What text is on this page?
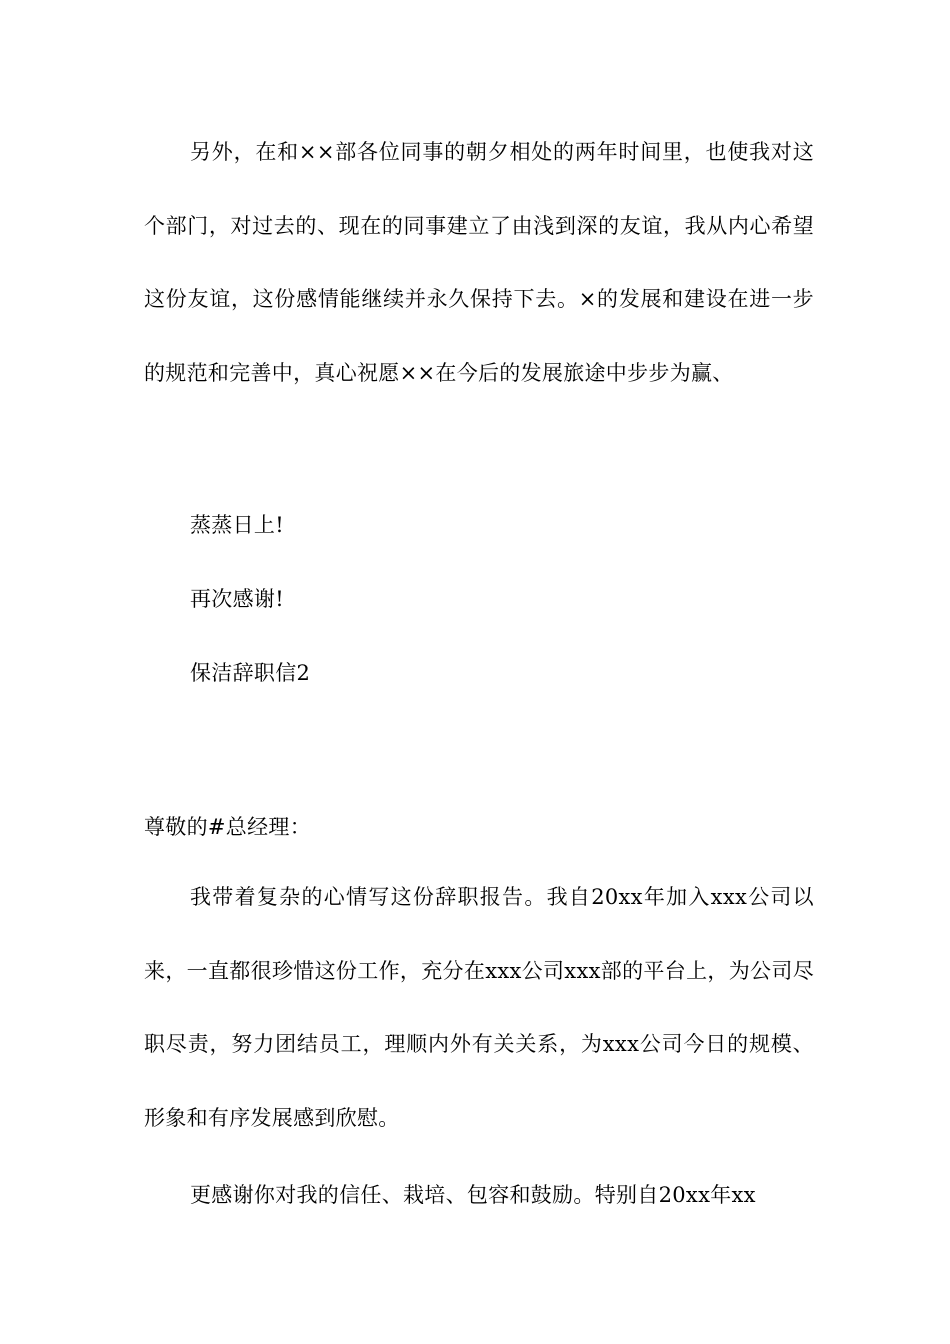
另外，在和××部各位同事的朝夕相处的两年时间里，也使我对这个部门，对过去的、现在的同事建立了由浅到深的友谊，我从内心希望这份友谊，这份感情能继续并永久保持下去。×的发展和建设在进一步的规范和完善中，真心祝愿××在今后的发展旅途中步步为赢、

蒸蒸日上!

再次感谢!

保洁辞职信2

尊敬的#总经理：

我带着复杂的心情写这份辞职报告。我自20xx年加入xxx公司以来，一直都很珍惜这份工作，充分在xxx公司xxx部的平台上，为公司尽职尽责，努力团结员工，理顺内外有关关系，为xxx公司今日的规模、形象和有序发展感到欣慰。

更感谢你对我的信任、栽培、包容和鼓励。特别自20xx年xx
